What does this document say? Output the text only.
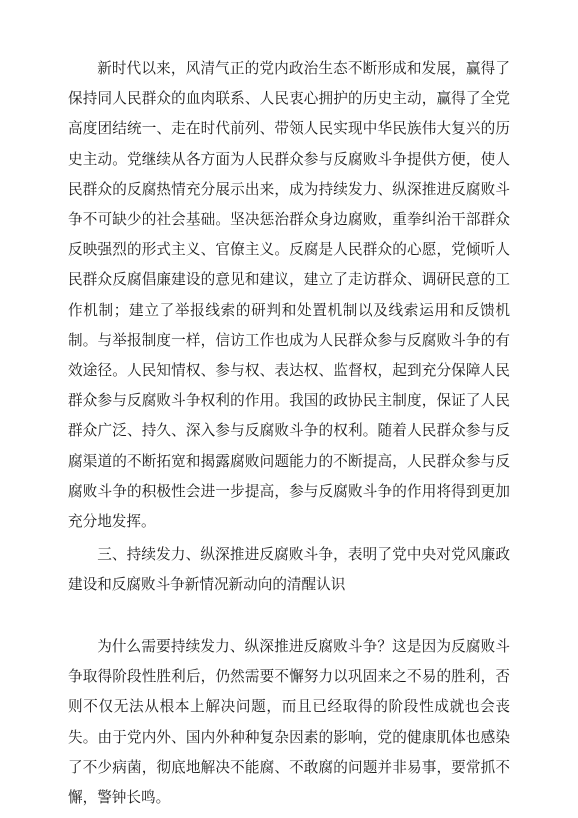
新时代以来，风清气正的党内政治生态不断形成和发展，赢得了保持同人民群众的血肉联系、人民衷心拥护的历史主动，赢得了全党高度团结统一、走在时代前列、带领人民实现中华民族伟大复兴的历史主动。党继续从各方面为人民群众参与反腐败斗争提供方便，使人民群众的反腐热情充分展示出来，成为持续发力、纵深推进反腐败斗争不可缺少的社会基础。坚决惩治群众身边腐败，重拳纠治干部群众反映强烈的形式主义、官僚主义。反腐是人民群众的心愿，党倾听人民群众反腐倡廉建设的意见和建议，建立了走访群众、调研民意的工作机制；建立了举报线索的研判和处置机制以及线索运用和反馈机制。与举报制度一样，信访工作也成为人民群众参与反腐败斗争的有效途径。人民知情权、参与权、表达权、监督权，起到充分保障人民群众参与反腐败斗争权利的作用。我国的政协民主制度，保证了人民群众广泛、持久、深入参与反腐败斗争的权利。随着人民群众参与反腐渠道的不断拓宽和揭露腐败问题能力的不断提高，人民群众参与反腐败斗争的积极性会进一步提高，参与反腐败斗争的作用将得到更加充分地发挥。

三、持续发力、纵深推进反腐败斗争，表明了党中央对党风廉政建设和反腐败斗争新情况新动向的清醒认识

为什么需要持续发力、纵深推进反腐败斗争？这是因为反腐败斗争取得阶段性胜利后，仍然需要不懈努力以巩固来之不易的胜利，否则不仅无法从根本上解决问题，而且已经取得的阶段性成就也会丧失。由于党内外、国内外种种复杂因素的影响，党的健康肌体也感染了不少病菌，彻底地解决不能腐、不敢腐的问题并非易事，要常抓不懈，警钟长鸣。
